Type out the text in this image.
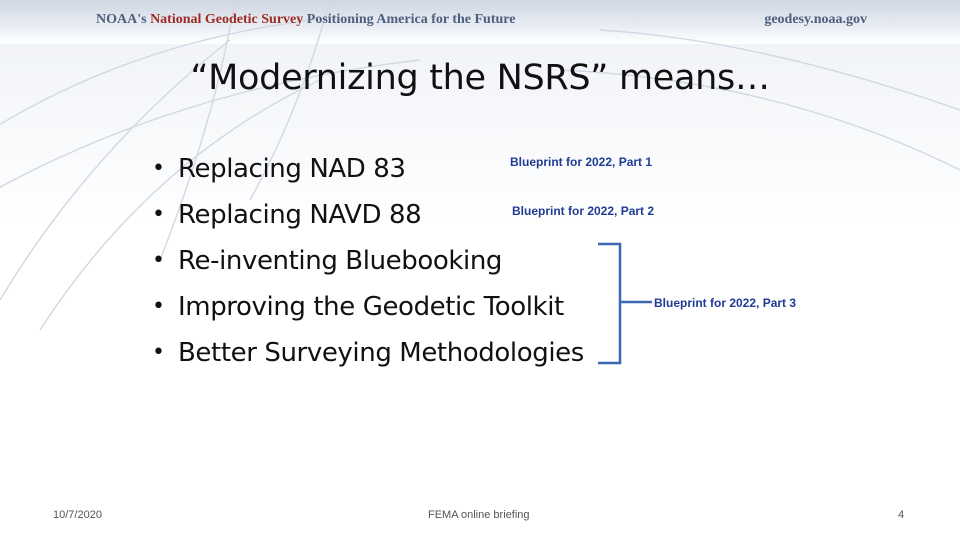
NOAA's National Geodetic Survey Positioning America for the Future	geodesy.noaa.gov
“Modernizing the NSRS” means…
• Replacing NAD 83
• Replacing NAVD 88
• Re-inventing Bluebooking
• Improving the Geodetic Toolkit
• Better Surveying Methodologies
Blueprint for 2022, Part 1
Blueprint for 2022, Part 2
Blueprint for 2022, Part 3
10/7/2020	FEMA online briefing	4
